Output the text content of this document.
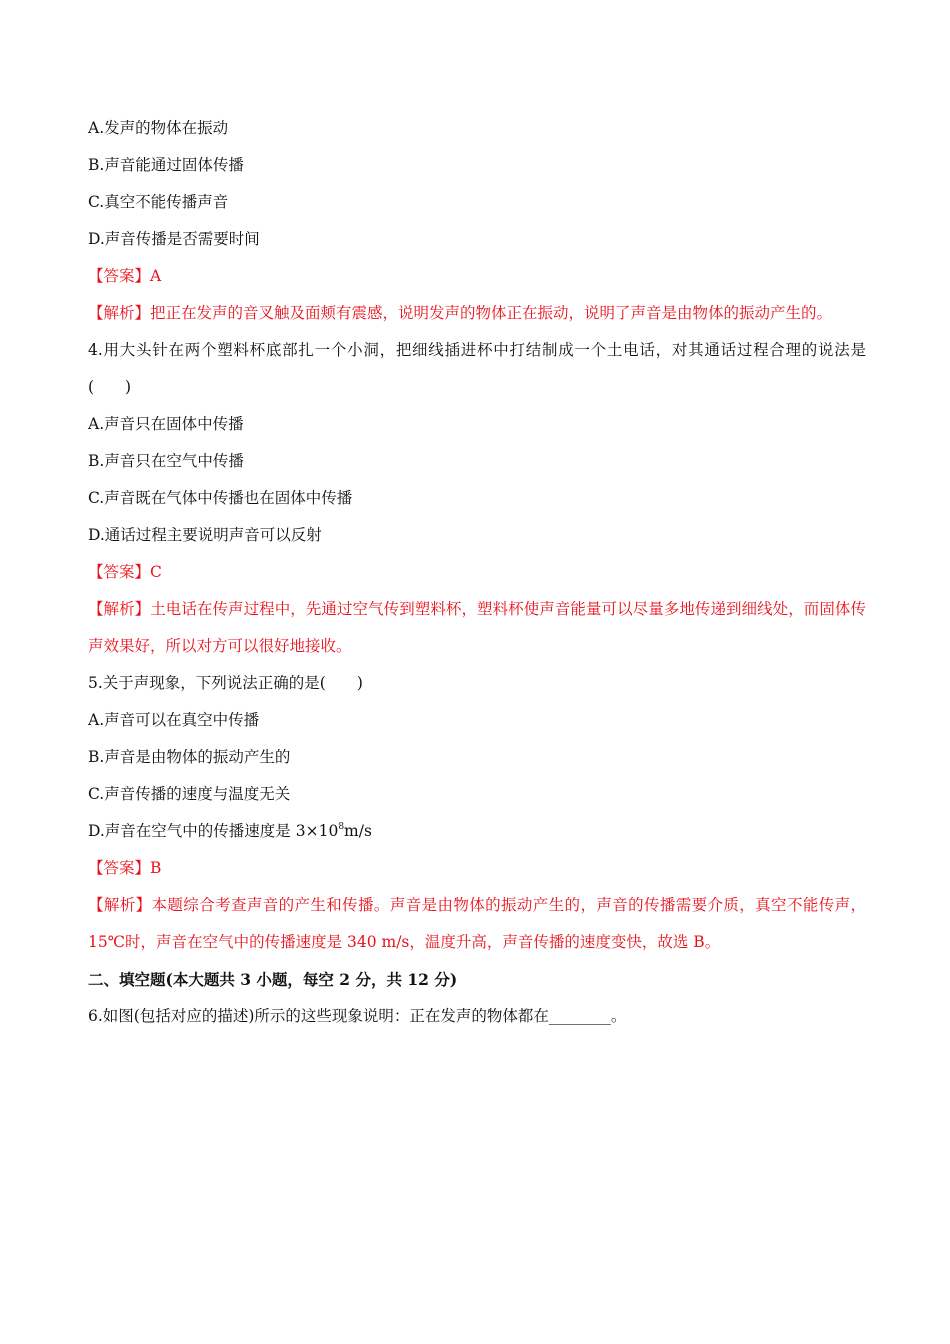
A.发声的物体在振动
B.声音能通过固体传播
C.真空不能传播声音
D.声音传播是否需要时间
【答案】A
【解析】把正在发声的音叉触及面颊有震感，说明发声的物体正在振动，说明了声音是由物体的振动产生的。
4.用大头针在两个塑料杯底部扎一个小洞，把细线插进杯中打结制成一个土电话，对其通话过程合理的说法是(　　)
A.声音只在固体中传播
B.声音只在空气中传播
C.声音既在气体中传播也在固体中传播
D.通话过程主要说明声音可以反射
【答案】C
【解析】土电话在传声过程中，先通过空气传到塑料杯，塑料杯使声音能量可以尽量多地传递到细线处，而固体传声效果好，所以对方可以很好地接收。
5.关于声现象，下列说法正确的是(　　)
A.声音可以在真空中传播
B.声音是由物体的振动产生的
C.声音传播的速度与温度无关
D.声音在空气中的传播速度是 $3\times 10^8m/s$
【答案】B
【解析】本题综合考查声音的产生和传播。声音是由物体的振动产生的，声音的传播需要介质，真空不能传声，15℃时，声音在空气中的传播速度是 340 m/s，温度升高，声音传播的速度变快，故选 B。
二、填空题(本大题共 3 小题，每空 2 分，共 12 分)
6.如图(包括对应的描述)所示的这些现象说明：正在发声的物体都在________。
